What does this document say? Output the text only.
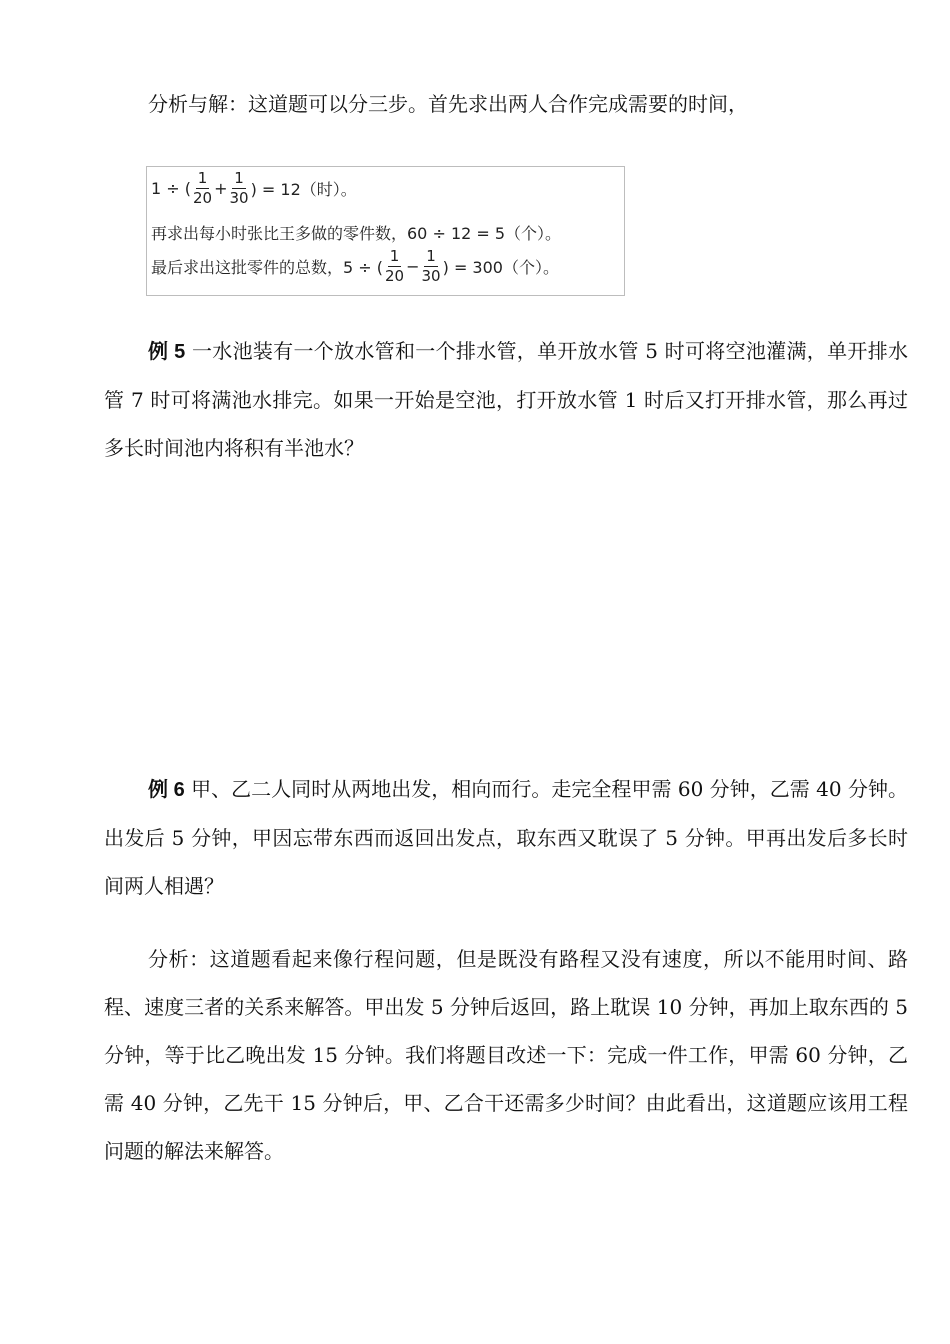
分析与解：这道题可以分三步。首先求出两人合作完成需要的时间，

1 ÷ ( $\frac{1}{20} + \frac{1}{30}$ ) = 12（时）。
再求出每小时张比王多做的零件数，60 ÷ 12 = 5（个）。
最后求出这批零件的总数，5 ÷ ( $\frac{1}{20} - \frac{1}{30}$ ) = 300（个）。

例 5 一水池装有一个放水管和一个排水管，单开放水管 5 时可将空池灌满，单开排水管 7 时可将满池水排完。如果一开始是空池，打开放水管 1 时后又打开排水管，那么再过多长时间池内将积有半池水？

例 6 甲、乙二人同时从两地出发，相向而行。走完全程甲需 60 分钟，乙需 40 分钟。出发后 5 分钟，甲因忘带东西而返回出发点，取东西又耽误了 5 分钟。甲再出发后多长时间两人相遇？

分析：这道题看起来像行程问题，但是既没有路程又没有速度，所以不能用时间、路程、速度三者的关系来解答。甲出发 5 分钟后返回，路上耽误 10 分钟，再加上取东西的 5 分钟，等于比乙晚出发 15 分钟。我们将题目改述一下：完成一件工作，甲需 60 分钟，乙需 40 分钟，乙先干 15 分钟后，甲、乙合干还需多少时间？由此看出，这道题应该用工程问题的解法来解答。
